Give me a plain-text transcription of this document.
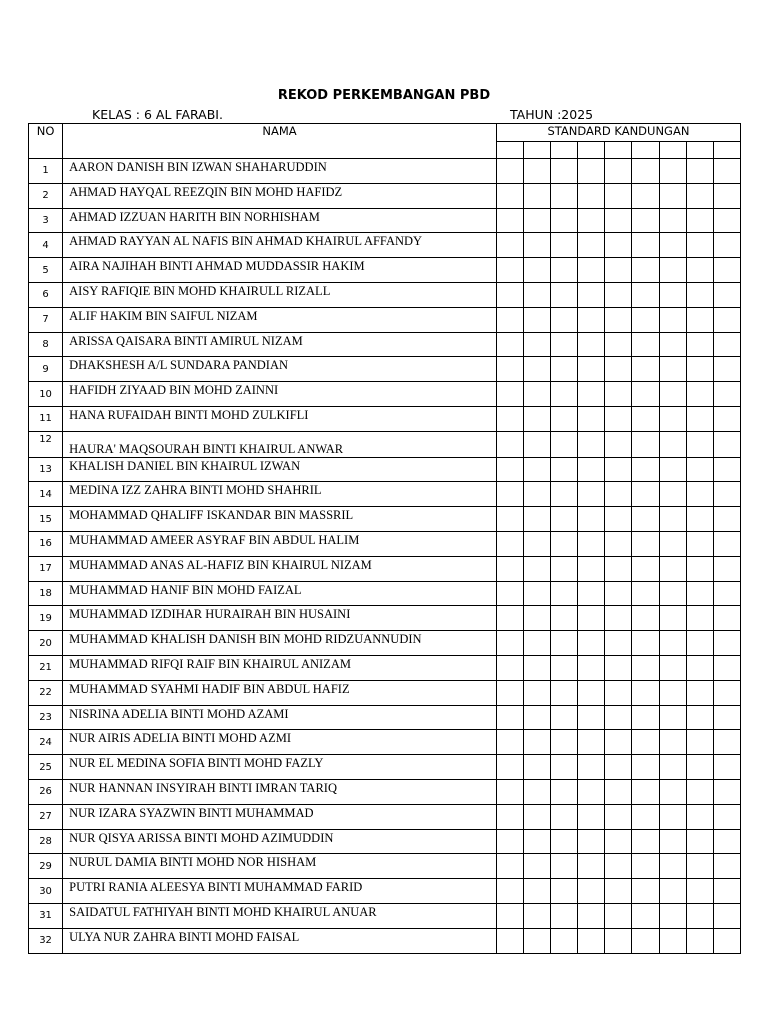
REKOD PERKEMBANGAN PBD
KELAS : 6 AL FARABI.	TAHUN :2025
NO	NAMA	STANDARD KANDUNGAN								

1	AARON DANISH BIN IZWAN SHAHARUDDIN									
2	AHMAD HAYQAL REEZQIN BIN MOHD HAFIDZ									
3	AHMAD IZZUAN HARITH BIN NORHISHAM									
4	AHMAD RAYYAN AL NAFIS BIN AHMAD KHAIRUL AFFANDY									
5	AIRA NAJIHAH BINTI AHMAD MUDDASSIR HAKIM									
6	AISY RAFIQIE BIN MOHD KHAIRULL RIZALL									
7	ALIF HAKIM BIN SAIFUL NIZAM									
8	ARISSA QAISARA BINTI AMIRUL NIZAM									
9	DHAKSHESH A/L SUNDARA PANDIAN									
10	HAFIDH ZIYAAD BIN MOHD ZAINNI									
11	HANA RUFAIDAH BINTI MOHD ZULKIFLI									
12	HAURA' MAQSOURAH BINTI KHAIRUL ANWAR									
13	KHALISH DANIEL BIN KHAIRUL IZWAN									
14	MEDINA IZZ ZAHRA BINTI MOHD SHAHRIL									
15	MOHAMMAD QHALIFF ISKANDAR BIN MASSRIL									
16	MUHAMMAD AMEER ASYRAF BIN ABDUL HALIM									
17	MUHAMMAD ANAS AL-HAFIZ BIN KHAIRUL NIZAM									
18	MUHAMMAD HANIF BIN MOHD FAIZAL									
19	MUHAMMAD IZDIHAR HURAIRAH BIN HUSAINI									
20	MUHAMMAD KHALISH DANISH BIN MOHD RIDZUANNUDIN									
21	MUHAMMAD RIFQI RAIF BIN KHAIRUL ANIZAM									
22	MUHAMMAD SYAHMI HADIF BIN ABDUL HAFIZ									
23	NISRINA ADELIA BINTI MOHD AZAMI									
24	NUR AIRIS ADELIA BINTI MOHD AZMI									
25	NUR EL MEDINA SOFIA BINTI MOHD FAZLY									
26	NUR HANNAN INSYIRAH BINTI IMRAN TARIQ									
27	NUR IZARA SYAZWIN BINTI MUHAMMAD									
28	NUR QISYA ARISSA BINTI MOHD AZIMUDDIN									
29	NURUL DAMIA BINTI MOHD NOR HISHAM									
30	PUTRI RANIA ALEESYA BINTI MUHAMMAD FARID									
31	SAIDATUL FATHIYAH BINTI MOHD KHAIRUL ANUAR									
32	ULYA NUR ZAHRA BINTI MOHD FAISAL									
